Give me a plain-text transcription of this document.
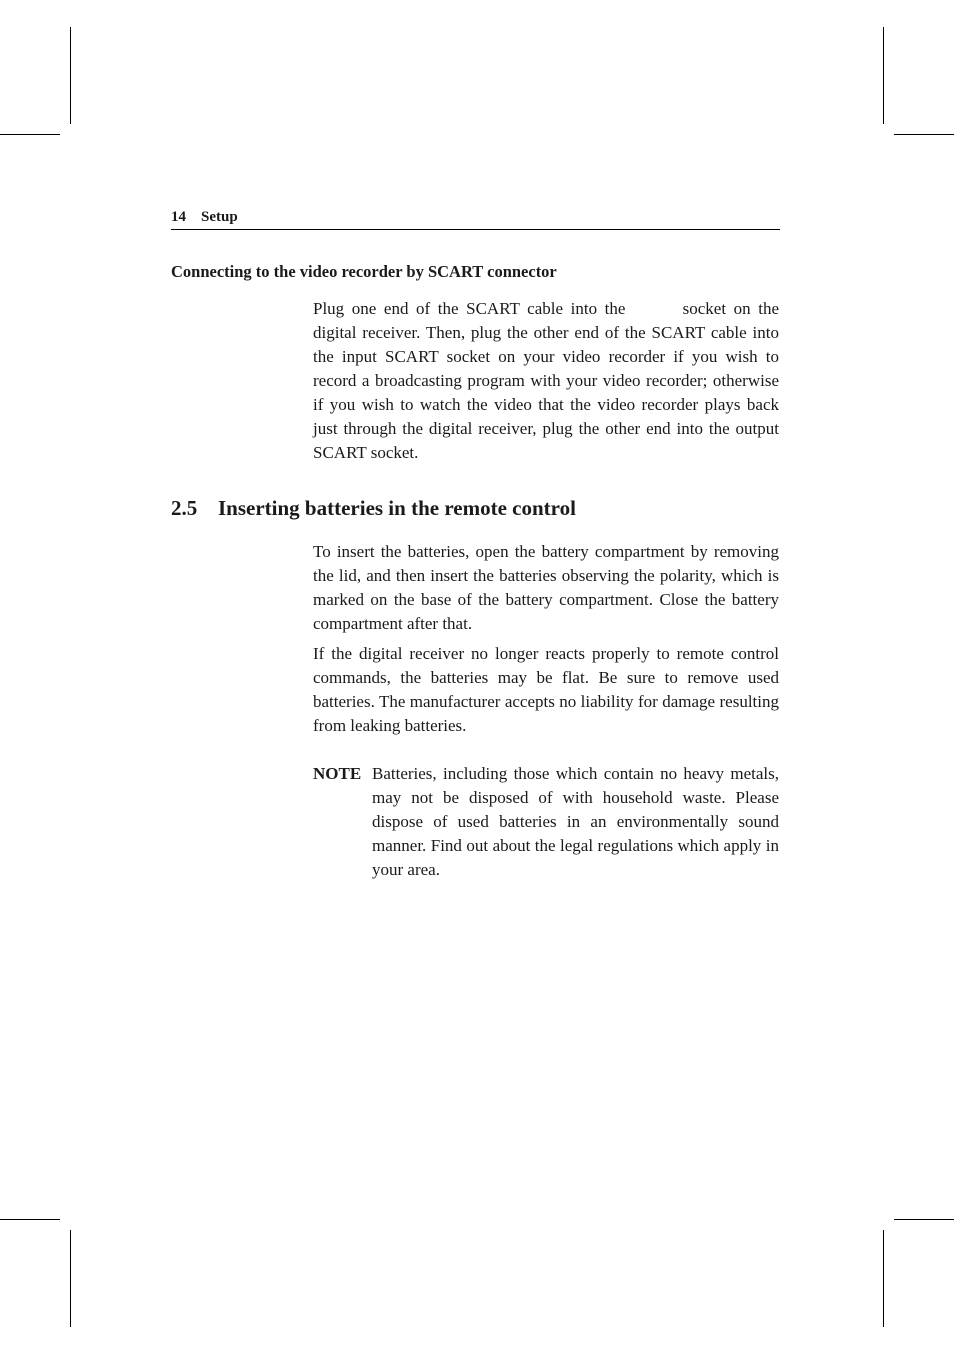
14 Setup
Connecting to the video recorder by SCART connector

Plug one end of the SCART cable into the	socket on the digital receiver. Then, plug the other end of the SCART cable into the input SCART socket on your video recorder if you wish to record a broadcasting program with your video recorder; otherwise if you wish to watch the video that the video recorder plays back just through the digital receiver, plug the other end into the output SCART socket.

2.5 Inserting batteries in the remote control

To insert the batteries, open the battery compartment by removing the lid, and then insert the batteries observing the polarity, which is marked on the base of the battery compartment. Close the battery compartment after that.

If the digital receiver no longer reacts properly to remote control commands, the batteries may be flat. Be sure to remove used batteries. The manufacturer accepts no liability for damage resulting from leaking batteries.

NOTE Batteries, including those which contain no heavy metals, may not be disposed of with household waste. Please dispose of used batteries in an environmentally sound manner. Find out about the legal regulations which apply in your area.
